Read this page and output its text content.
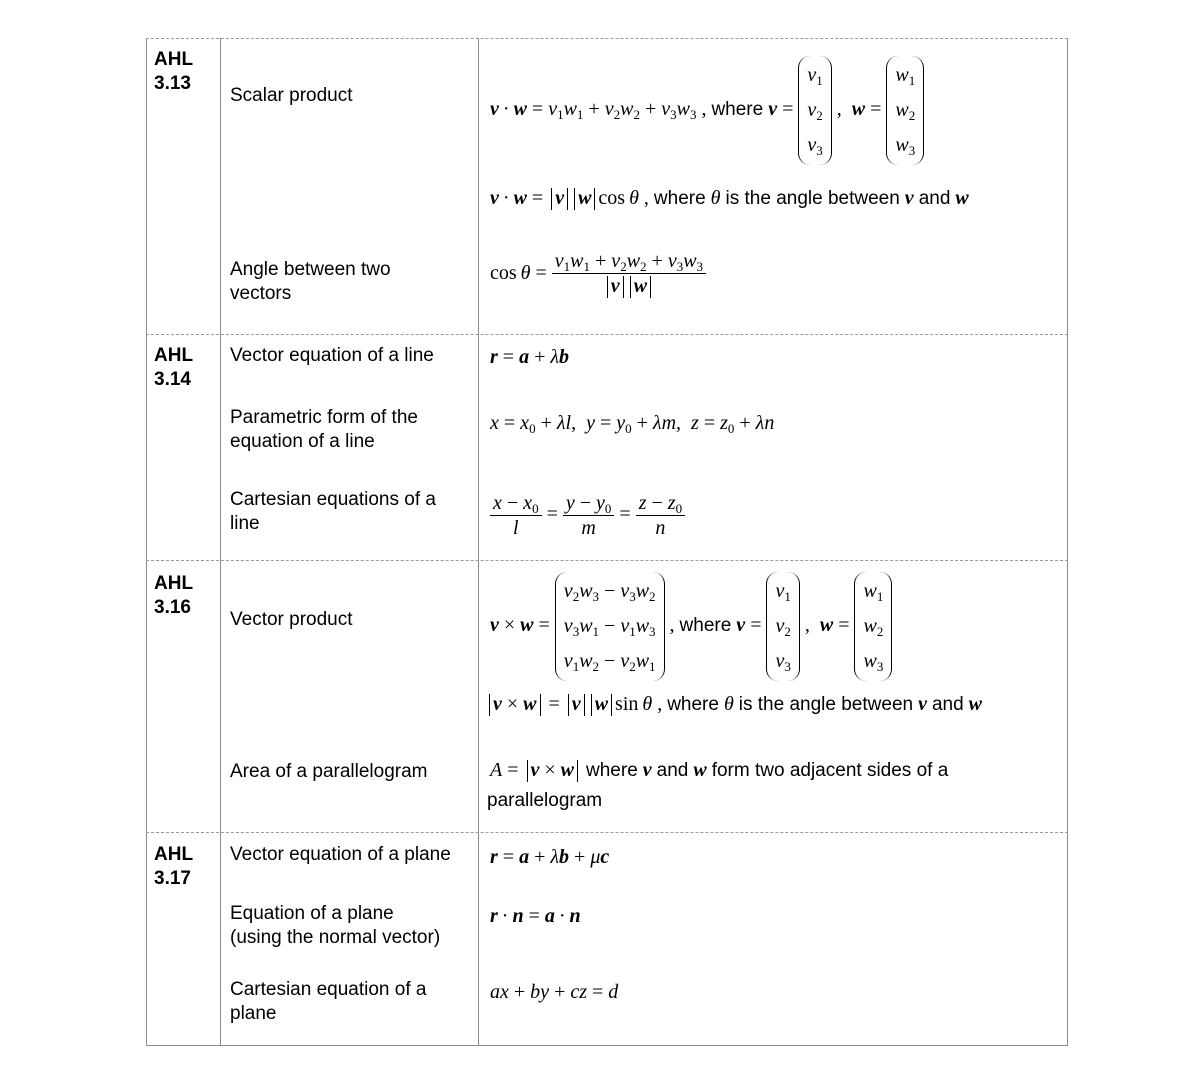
AHL
3.13
Scalar product
Angle between two
vectors
$v \cdot w = v_1w_1 + v_2w_2 + v_3w_3$ , where v =
$v_1$
$v_2$
$v_3$
,  w =
$w_1$
$w_2$
$w_3$
v · w = v w cos θ , where θ is the angle between v and w
$\cos \theta = \frac{v_1w_1 + v_2w_2 + v_3w_3}{\text{v w}}$
AHL
3.14
Vector equation of a line
Parametric form of the
equation of a line
Cartesian equations of a
line
r = a + λb
$x = x_0 + \lambda l$,  $y = y_0 + \lambda m$,  $z = z_0 + \lambda n$
$\frac{x - x_0}{l} = \frac{y - y_0}{m} = \frac{z - z_0}{n}$
AHL
3.16
Vector product
Area of a parallelogram
v × w =
$v_2w_3 - v_3w_2$
$v_3w_1 - v_1w_3$
$v_1w_2 - v_2w_1$
, where v =
$v_1$
$v_2$
$v_3$
,  w =
$w_1$
$w_2$
$w_3$
v × w = v w sin θ , where θ is the angle between v and w
A = v × w where v and w form two adjacent sides of a
parallelogram
AHL
3.17
Vector equation of a plane
Equation of a plane
(using the normal vector)
Cartesian equation of a
plane
r = a + λb + μc
r · n = a · n
ax + by + cz = d
